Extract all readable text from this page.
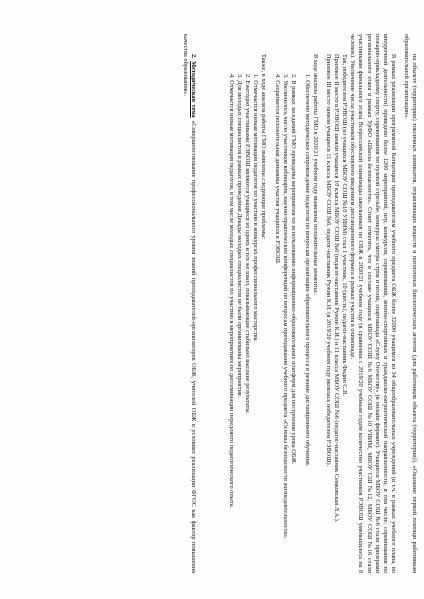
на объекте (территории) токсичных химикатов, отравляющих веществ и патогенных биологических агентов (для работников объекта (территории)), «Оказание первой помощи работникам образовательной организации».

В рамках реализации программной Концепции преподавателем учебного предмета ОБЖ более 32000 учащимся из 34 общеобразовательных учреждений (в т.ч. в рамках учебного плана, во внеурочной деятельности) проведено более 1200 мероприятий, игр, конкурсов, соревнований, военно-спортивных и гражданско-патриотической направленности, в том числе: соревнования по пожарно-прикладному спорту, соревнования по пулевой стрельбе, конкурсы смотра строя и песни, спартакиада «Служу Отечеству» (в онлайн формате). Учащиеся МБОУ СОШ №6 стали призерами регионального этапа в рамках УрФО «Школа безопасности». Стоит отметить, что в составе учащихся МБОУ СОШ №6 МБОУ СОШ №10 УИИМ, МБОУ СШ №12, МБОУ СОШ №16 стали участниками финального этапа Всероссийской олимпиады школьников по ОБЖ в 2020/21 учебном году (в сравнении с 2019/20 учебным годом количество участников РЭВОШ уменьшилось на 8 человек). Увеличение числа участников обусловлено введением дистанционного формата в рамках участия в олимпиаде.

Так, победителем РЭВОШ (из учащихся МБОУ СОШ №10 УИИМ) стал 1 участник, 10 (шесть), педагог-наставник Фадин С.В.

Призовое II место в РЭВОШ заняли учащиеся 10 класса МБОУ СОШ №6 (педагог-наставник Ружин К.И.) и 11 класса МБОУ СОШ №6 (педагог-наставник Семковская Л.А.).

Призовое III место заняли учащиеся 11 класса МБОУ СОШ №6, педагог-наставник Ружин К.И. (в 2019/20 учебном году являлась победителем РЭВОШ).

В ходе анализа работы ГМО в 2020/21 учебном году выявлены положительные моменты:

1. Обеспечено методическое сопровождение педагогов по вопросам организации образовательного процесса в режиме дистанционного обучения.

2. В рамках заседаний ГМО проведены мероприятия по использованию информационно-образовательных платформ для построения урока ОБЖ.

3. Увеличилось число участников вебинаров, научно-практических конференций по вопросам преподавания учебного предмета «Основы безопасности жизнедеятельности».

4. Сохраняется положительная динамика участия учащихся в РЭВОШ.

Также, в ходе анализа работы ГМО выявлены следующие проблемы:

1. Отмечается низкая мотивация педагогов по участию в конкурсах профессионального мастерства.

2. Ежегодно участниками РЭВОШ являются учащиеся из одних и тех же школ, показывающие стабильно высокие результаты.

3. Для молодых специалистов в рамках проведения Декады молодых специалистов не были организованы мероприятия.

4. Отмечается низкая мотивация педагогов, в том числе молодых специалистов по участию в мероприятиях по диссеминации передового педагогического опыта.

2. Методическая тема «Совершенствование профессионального уровня знаний преподавателей-организаторов ОБЖ, учителей ОБЖ в условиях реализации ФГОС как фактор повышения качества образования».
